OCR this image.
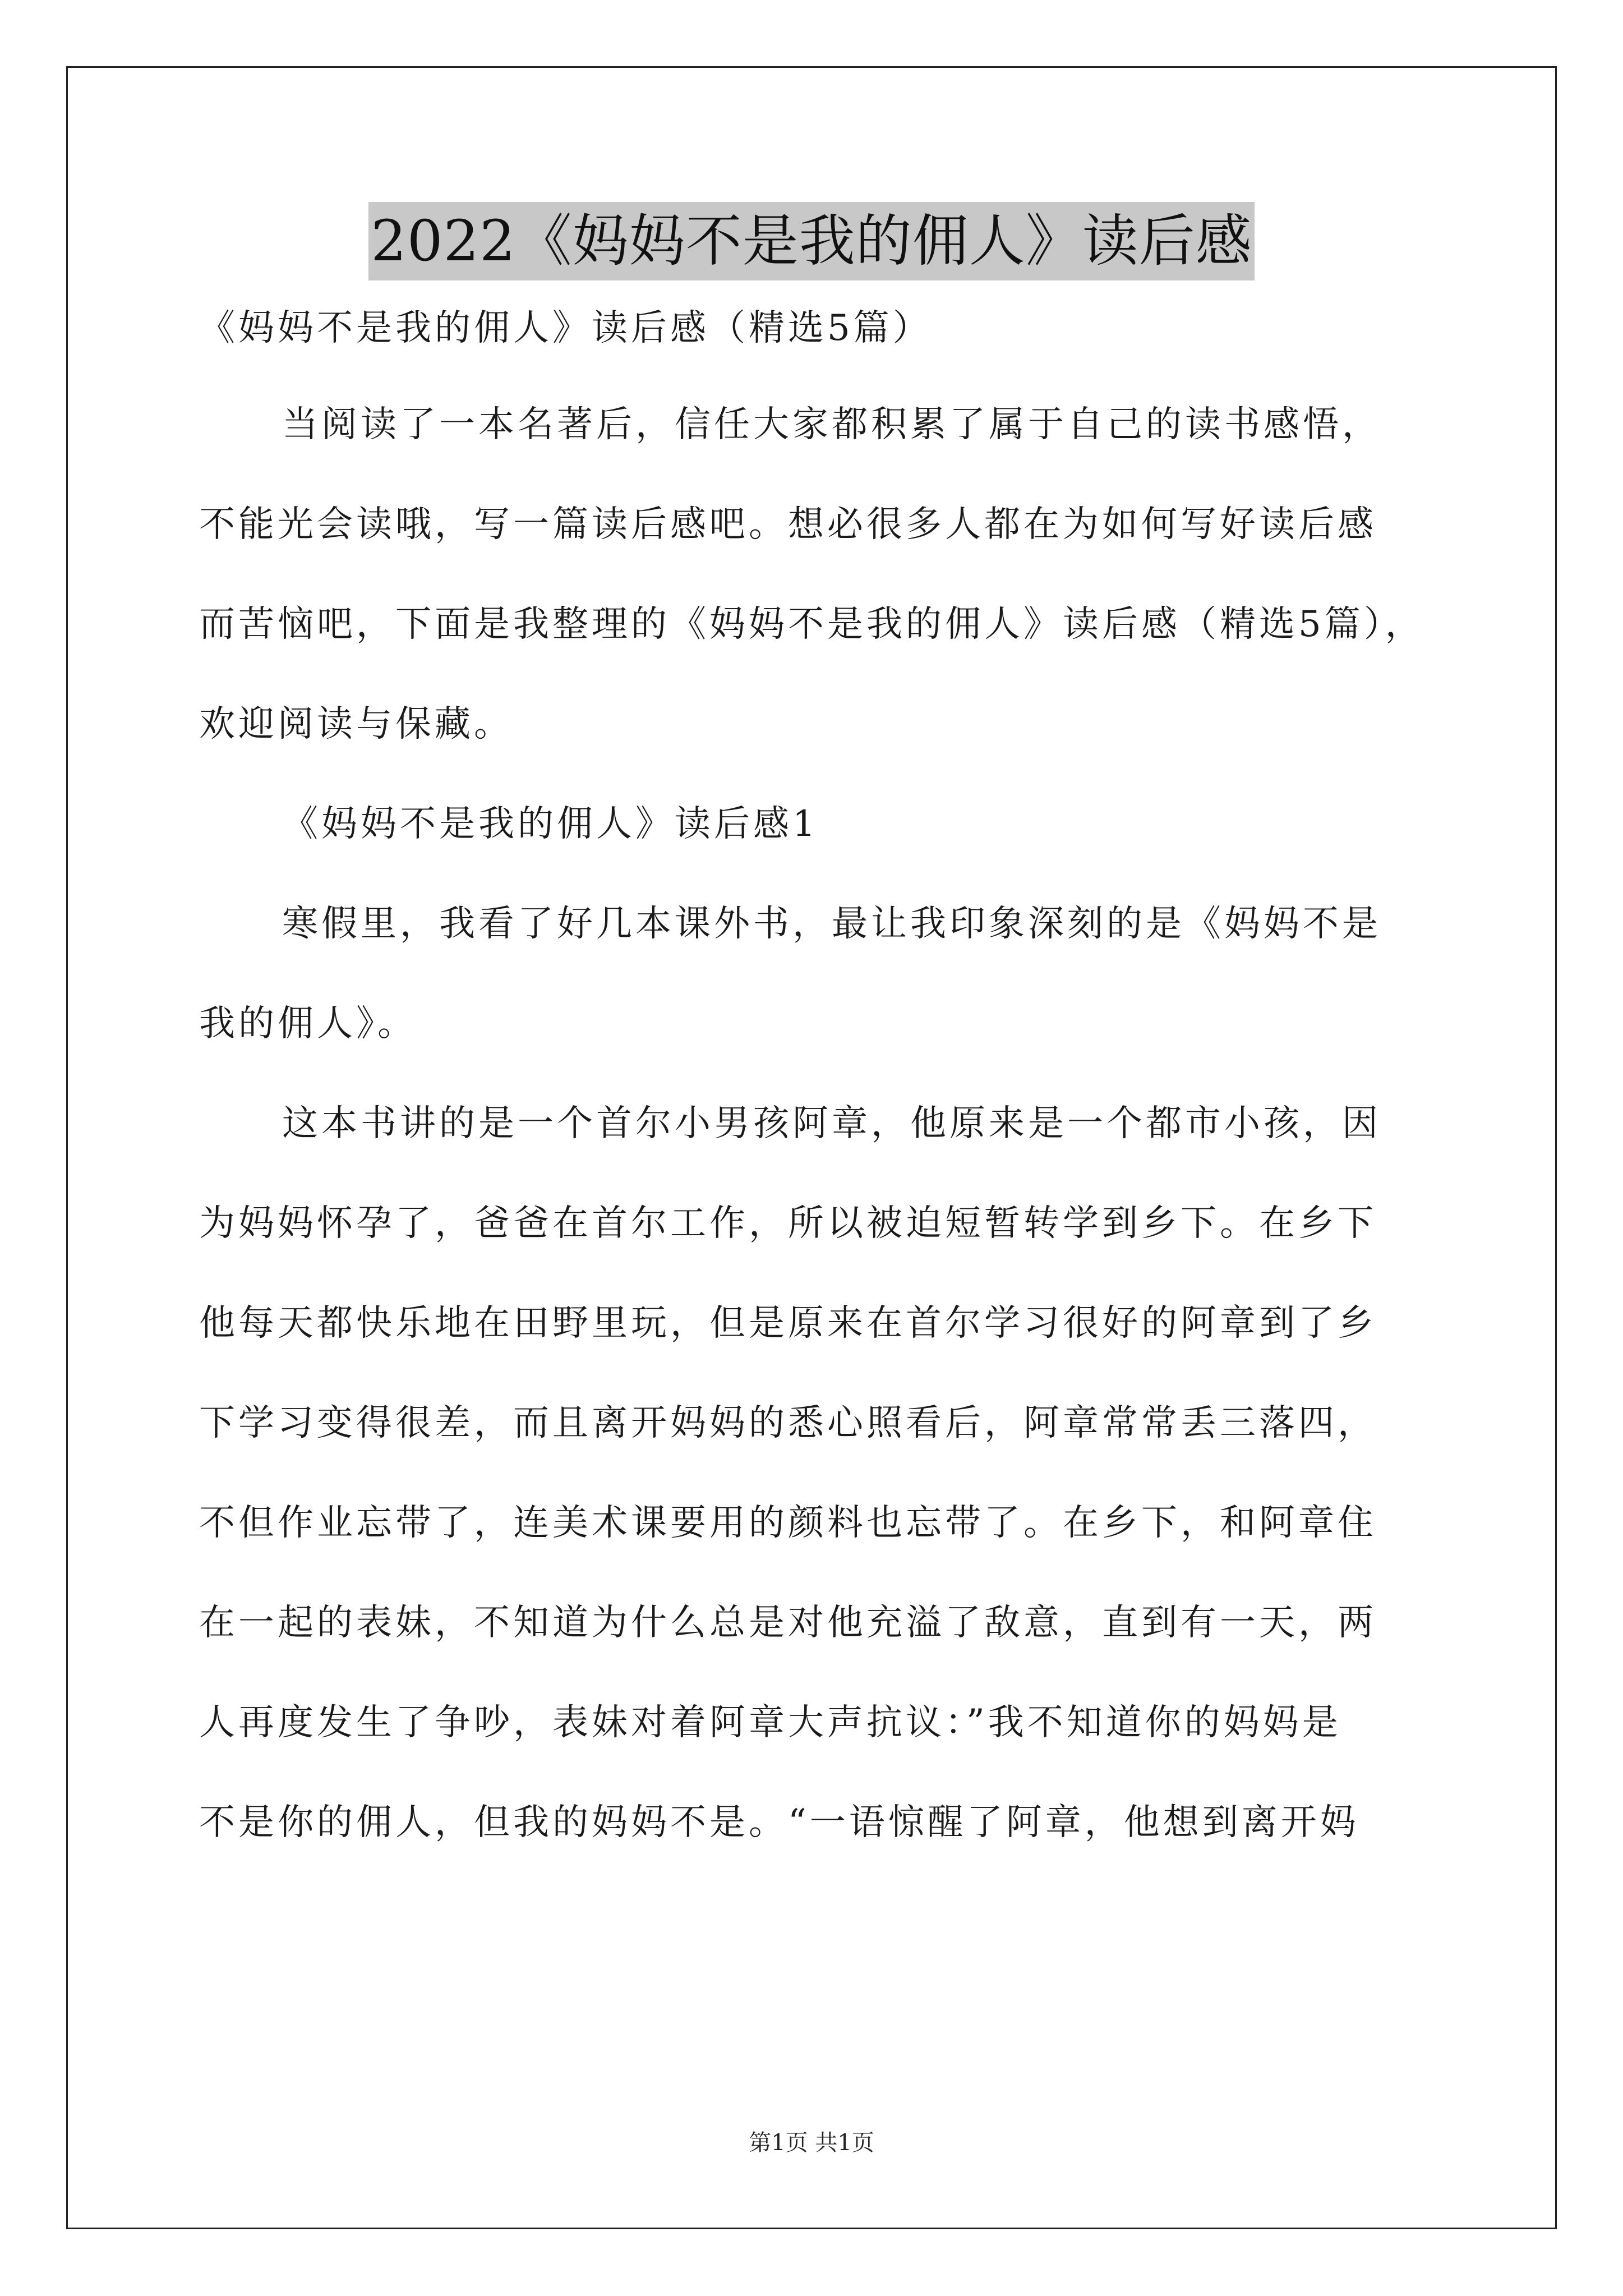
2022《妈妈不是我的佣人》读后感
《妈妈不是我的佣人》读后感（精选5篇）
当阅读了一本名著后，信任大家都积累了属于自己的读书感悟，
不能光会读哦，写一篇读后感吧。想必很多人都在为如何写好读后感
而苦恼吧，下面是我整理的《妈妈不是我的佣人》读后感（精选5篇），
欢迎阅读与保藏。
《妈妈不是我的佣人》读后感1
寒假里，我看了好几本课外书，最让我印象深刻的是《妈妈不是
我的佣人》。
这本书讲的是一个首尔小男孩阿章，他原来是一个都市小孩，因
为妈妈怀孕了，爸爸在首尔工作，所以被迫短暂转学到乡下。在乡下
他每天都快乐地在田野里玩，但是原来在首尔学习很好的阿章到了乡
下学习变得很差，而且离开妈妈的悉心照看后，阿章常常丢三落四，
不但作业忘带了，连美术课要用的颜料也忘带了。在乡下，和阿章住
在一起的表妹，不知道为什么总是对他充溢了敌意，直到有一天，两
人再度发生了争吵，表妹对着阿章大声抗议：”我不知道你的妈妈是
不是你的佣人，但我的妈妈不是。“一语惊醒了阿章，他想到离开妈
第1页 共1页
